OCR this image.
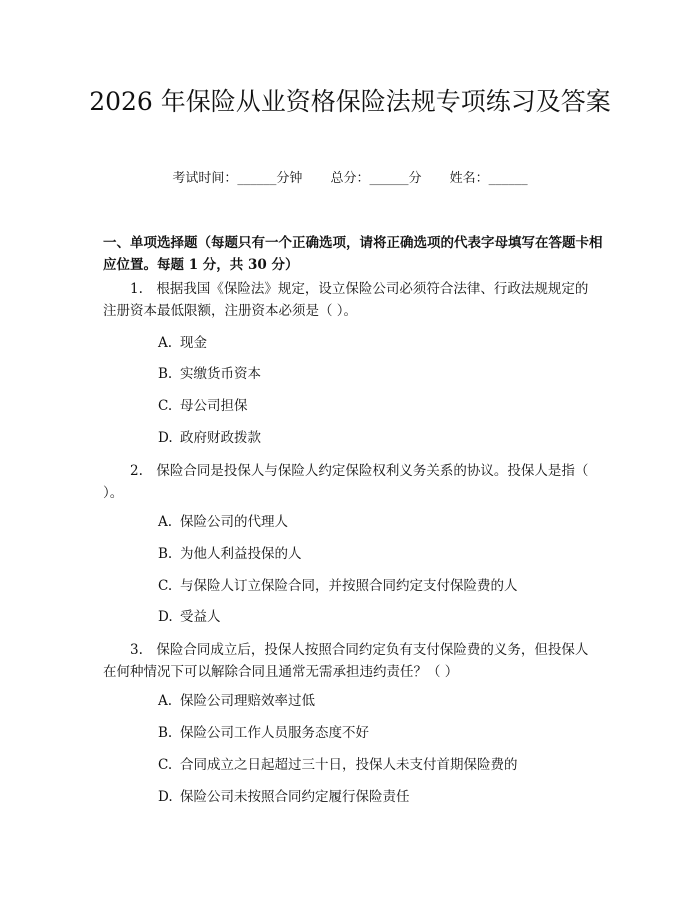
2026 年保险从业资格保险法规专项练习及答案
考试时间：______分钟 总分：______分 姓名：______
一、单项选择题（每题只有一个正确选项，请将正确选项的代表字母填写在答题卡相应位置。每题 1 分，共 30 分）
1.　根据我国《保险法》规定，设立保险公司必须符合法律、行政法规规定的注册资本最低限额，注册资本必须是（ ）。
A. 现金
B. 实缴货币资本
C. 母公司担保
D. 政府财政拨款
2.　保险合同是投保人与保险人约定保险权利义务关系的协议。投保人是指（ ）。
A. 保险公司的代理人
B. 为他人利益投保的人
C. 与保险人订立保险合同，并按照合同约定支付保险费的人
D. 受益人
3.　保险合同成立后，投保人按照合同约定负有支付保险费的义务，但投保人在何种情况下可以解除合同且通常无需承担违约责任？（ ）
A. 保险公司理赔效率过低
B. 保险公司工作人员服务态度不好
C. 合同成立之日起超过三十日，投保人未支付首期保险费的
D. 保险公司未按照合同约定履行保险责任
